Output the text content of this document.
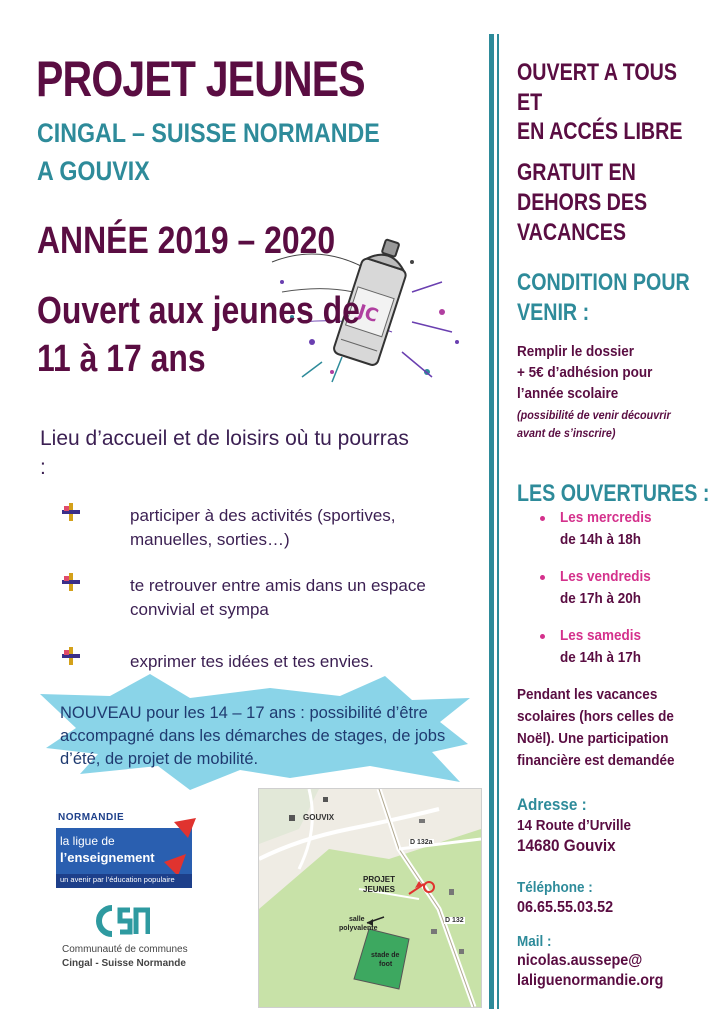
PROJET JEUNES
CINGAL – SUISSE NORMANDE
A GOUVIX
JC
ANNÉE 2019 – 2020
Ouvert aux jeunes de
11 à 17 ans
Lieu d’accueil et de loisirs où tu pourras :
participer à des activités (sportives, manuelles, sorties…)
te retrouver entre amis dans un espace convivial et sympa
exprimer tes idées et tes envies.
NOUVEAU pour les 14 – 17 ans : possibilité d’être accompagné dans les démarches de stages, de jobs d’été, de projet de mobilité.
OUVERT A TOUS
ET
EN ACCÉS LIBRE
GRATUIT EN
DEHORS DES
VACANCES
CONDITION POUR
VENIR :
Remplir le dossier
+ 5€ d’adhésion pour
l’année scolaire
(possibilité de venir découvrir
avant de s’inscrire)
LES OUVERTURES :
Les mercredis
de 14h à 18h
Les vendredis
de 17h à 20h
Les samedis
de 14h à 17h
Pendant les vacances
scolaires (hors celles de
Noël). Une participation
financière est demandée
Adresse :
14 Route d’Urville
14680 Gouvix
Téléphone :
06.65.55.03.52
Mail :
nicolas.aussepe@
laliguenormandie.org
NORMANDIE
la ligue de
l’enseignement
un avenir par l’éducation populaire
Communauté de communes
Cingal - Suisse Normande
GOUVIX
D 132a
D 132
PROJET
JEUNES
salle
polyvalente
stade de
foot
